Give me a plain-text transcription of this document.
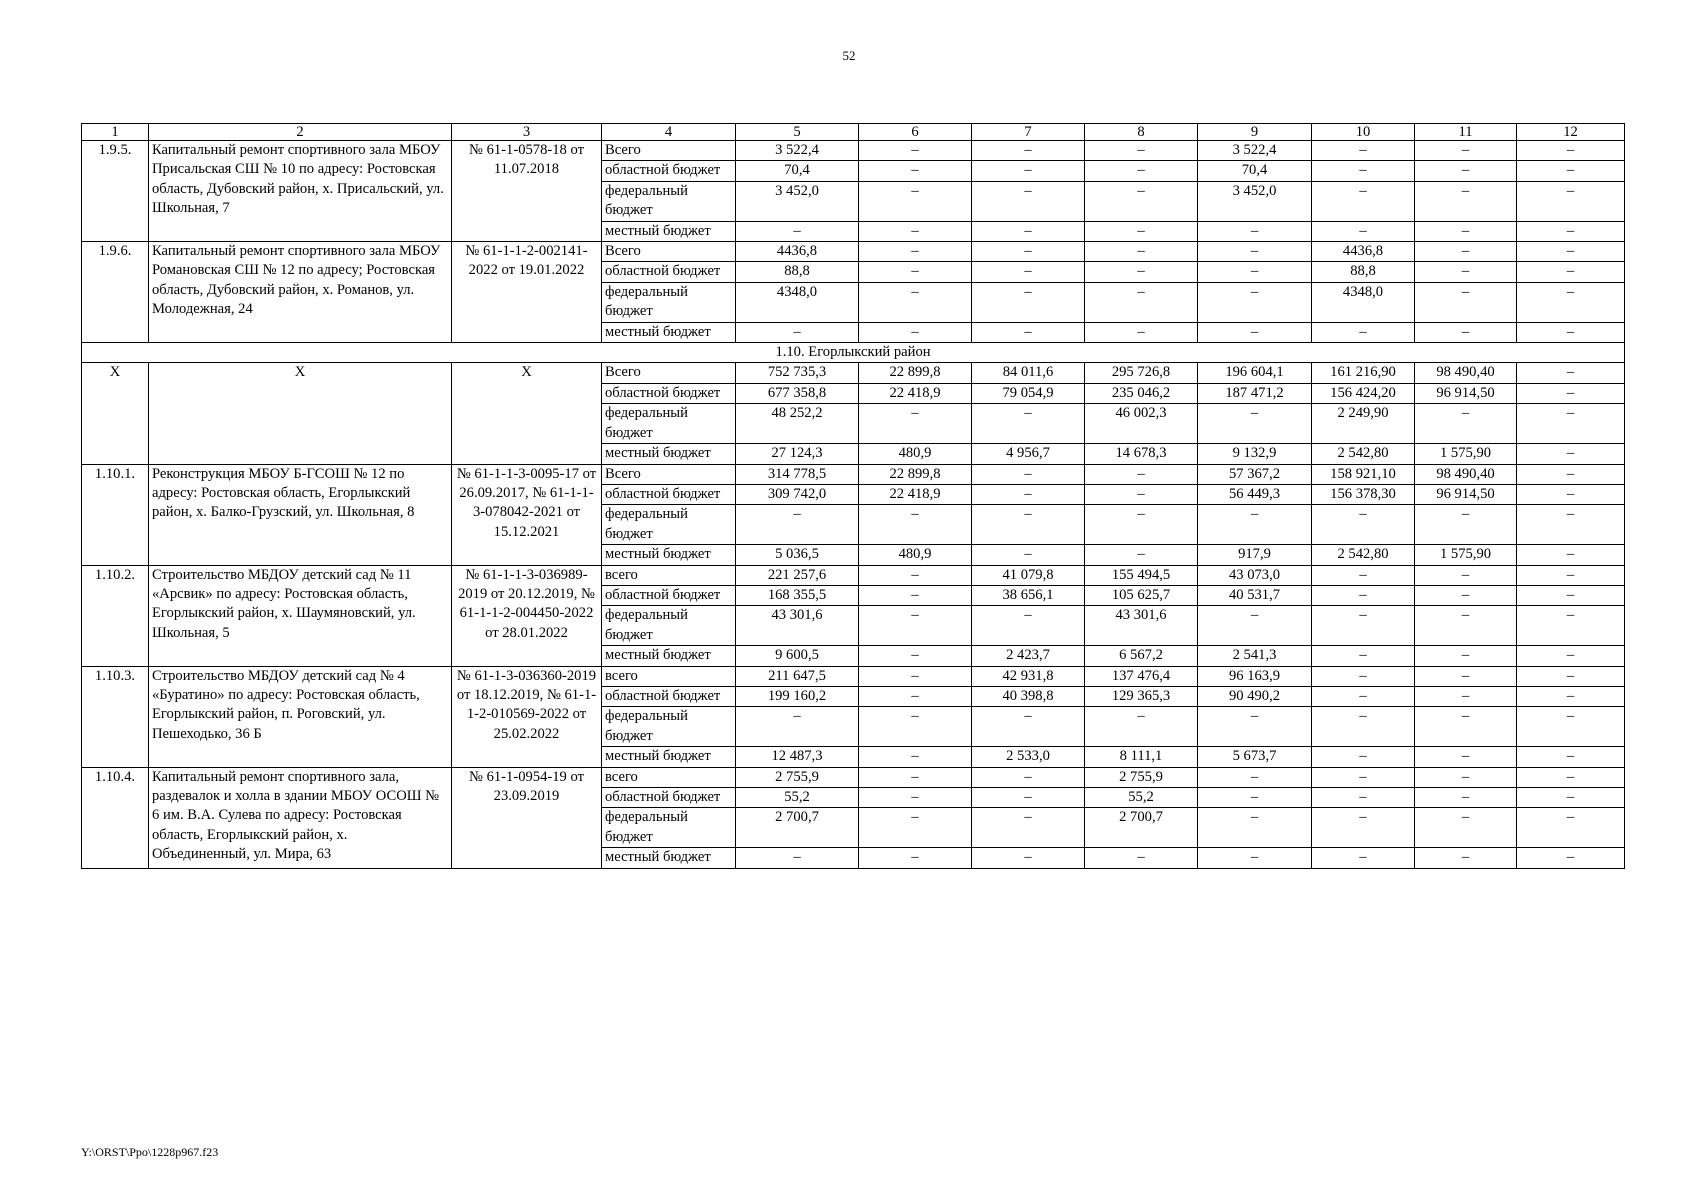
52
1	2	3	4	5	6	7	8	9	10	11	12
1.9.5.	Капитальный ремонт спортивного зала МБОУ Присальская СШ № 10 по адресу: Ростовская область, Дубовский район, х. Присальский, ул. Школьная, 7	№ 61-1-0578-18 от 11.07.2018	Всего	3 522,4	–	–	–	3 522,4	–	–	–
			областной бюджет	70,4	–	–	–	70,4	–	–	–
			федеральный бюджет	3 452,0	–	–	–	3 452,0	–	–	–
			местный бюджет	–	–	–	–	–	–	–	–
1.9.6.	Капитальный ремонт спортивного зала МБОУ Романовская СШ № 12 по адресу; Ростовская область, Дубовский район, х. Романов, ул. Молодежная, 24	№ 61-1-1-2-002141-2022 от 19.01.2022	Всего	4436,8	–	–	–	–	4436,8	–	–
			областной бюджет	88,8	–	–	–	–	88,8	–	–
			федеральный бюджет	4348,0	–	–	–	–	4348,0	–	–
			местный бюджет	–	–	–	–	–	–	–	–
1.10. Егорлыкский район											
Х	Х	Х	Всего	752 735,3	22 899,8	84 011,6	295 726,8	196 604,1	161 216,90	98 490,40	–
			областной бюджет	677 358,8	22 418,9	79 054,9	235 046,2	187 471,2	156 424,20	96 914,50	–
			федеральный бюджет	48 252,2	–	–	46 002,3	–	2 249,90	–	–
			местный бюджет	27 124,3	480,9	4 956,7	14 678,3	9 132,9	2 542,80	1 575,90	–
1.10.1.	Реконструкция МБОУ Б-ГСОШ № 12 по адресу: Ростовская область, Егорлыкский район, х. Балко-Грузский, ул. Школьная, 8	№ 61-1-1-3-0095-17 от 26.09.2017, № 61-1-1-3-078042-2021 от 15.12.2021	Всего	314 778,5	22 899,8	–	–	57 367,2	158 921,10	98 490,40	–
			областной бюджет	309 742,0	22 418,9	–	–	56 449,3	156 378,30	96 914,50	–
			федеральный бюджет	–	–	–	–	–	–	–	–
			местный бюджет	5 036,5	480,9	–	–	917,9	2 542,80	1 575,90	–
1.10.2.	Строительство МБДОУ детский сад № 11 «Арсвик» по адресу: Ростовская область, Егорлыкский район, х. Шаумяновский, ул. Школьная, 5	№ 61-1-1-3-036989-2019 от 20.12.2019, № 61-1-1-2-004450-2022 от 28.01.2022	всего	221 257,6	–	41 079,8	155 494,5	43 073,0	–	–	–
			областной бюджет	168 355,5	–	38 656,1	105 625,7	40 531,7	–	–	–
			федеральный бюджет	43 301,6	–	–	43 301,6	–	–	–	–
			местный бюджет	9 600,5	–	2 423,7	6 567,2	2 541,3	–	–	–
1.10.3.	Строительство МБДОУ детский сад № 4 «Буратино» по адресу: Ростовская область, Егорлыкский район, п. Роговский, ул. Пешеходько, 36 Б	№ 61-1-3-036360-2019 от 18.12.2019, № 61-1-1-2-010569-2022 от 25.02.2022	всего	211 647,5	–	42 931,8	137 476,4	96 163,9	–	–	–
			областной бюджет	199 160,2	–	40 398,8	129 365,3	90 490,2	–	–	–
			федеральный бюджет	–	–	–	–	–	–	–	–
			местный бюджет	12 487,3	–	2 533,0	8 111,1	5 673,7	–	–	–
1.10.4.	Капитальный ремонт спортивного зала, раздевалок и холла в здании МБОУ ОСОШ № 6 им. В.А. Сулева по адресу: Ростовская область, Егорлыкский район, х. Объединенный, ул. Мира, 63	№ 61-1-0954-19 от 23.09.2019	всего	2 755,9	–	–	2 755,9	–	–	–	–
			областной бюджет	55,2	–	–	55,2	–	–	–	–
			федеральный бюджет	2 700,7	–	–	2 700,7	–	–	–	–
			местный бюджет	–	–	–	–	–	–	–	–
Y:\ORST\Ppo\1228p967.f23
